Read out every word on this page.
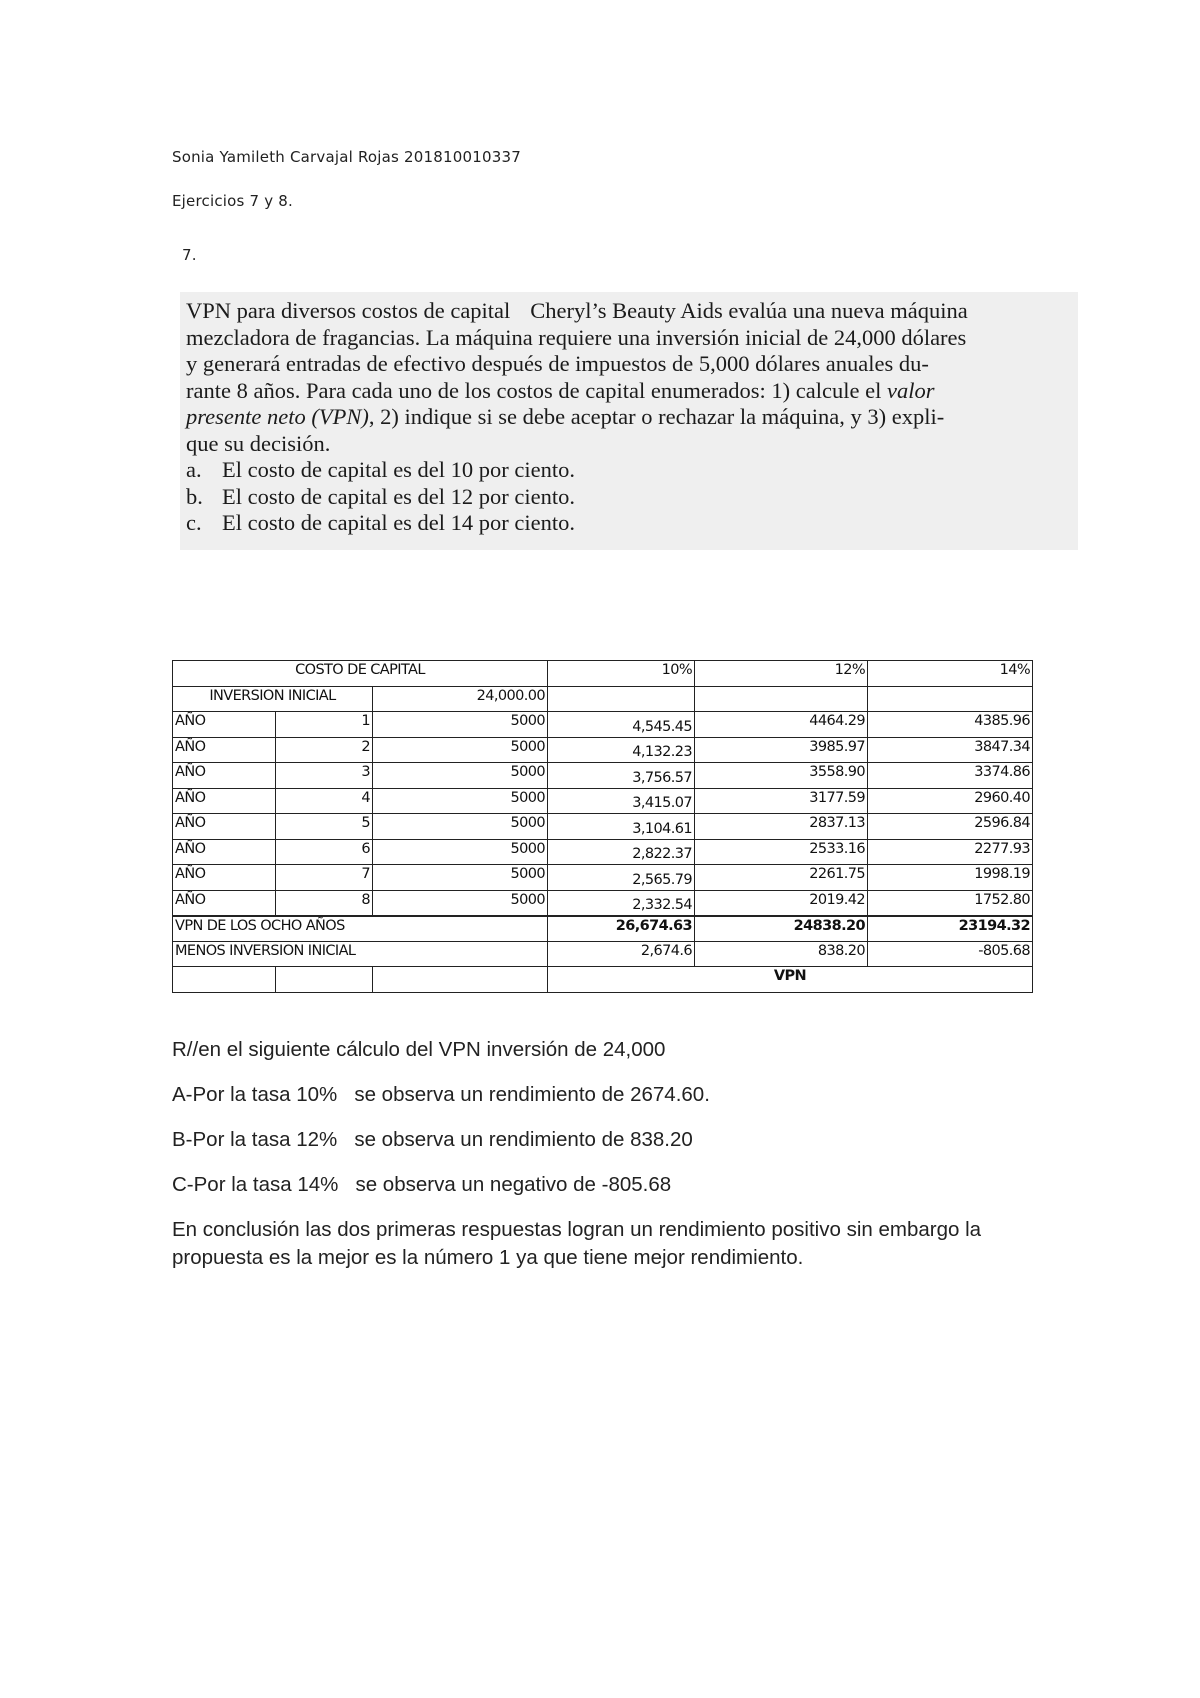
Sonia Yamileth Carvajal Rojas 201810010337
Ejercicios 7 y 8.
7.

VPN para diversos costos de capital Cheryl’s Beauty Aids evalúa una nueva máquina
mezcladora de fragancias. La máquina requiere una inversión inicial de 24,000 dólares
y generará entradas de efectivo después de impuestos de 5,000 dólares anuales du-
rante 8 años. Para cada uno de los costos de capital enumerados: 1) calcule el valor
presente neto (VPN), 2) indique si se debe aceptar o rechazar la máquina, y 3) expli-
que su decisión.

a. El costo de capital es del 10 por ciento.
b. El costo de capital es del 12 por ciento.
c. El costo de capital es del 14 por ciento.
COSTO DE CAPITAL			10%	12%	14%
INVERSION INICIAL		24,000.00			
AÑO	1	5000	4,545.45	4464.29	4385.96
AÑO	2	5000	4,132.23	3985.97	3847.34
AÑO	3	5000	3,756.57	3558.90	3374.86
AÑO	4	5000	3,415.07	3177.59	2960.40
AÑO	5	5000	3,104.61	2837.13	2596.84
AÑO	6	5000	2,822.37	2533.16	2277.93
AÑO	7	5000	2,565.79	2261.75	1998.19
AÑO	8	5000	2,332.54	2019.42	1752.80
VPN DE LOS OCHO AÑOS			26,674.63	24838.20	23194.32
MENOS INVERSION INICIAL			2,674.6	838.20	-805.68
			VPN		

R//en el siguiente cálculo del VPN inversión de 24,000

A-Por la tasa 10% se observa un rendimiento de 2674.60.

B-Por la tasa 12% se observa un rendimiento de 838.20

C-Por la tasa 14% se observa un negativo de -805.68

En conclusión las dos primeras respuestas logran un rendimiento positivo sin embargo la propuesta es la mejor es la número 1 ya que tiene mejor rendimiento.
